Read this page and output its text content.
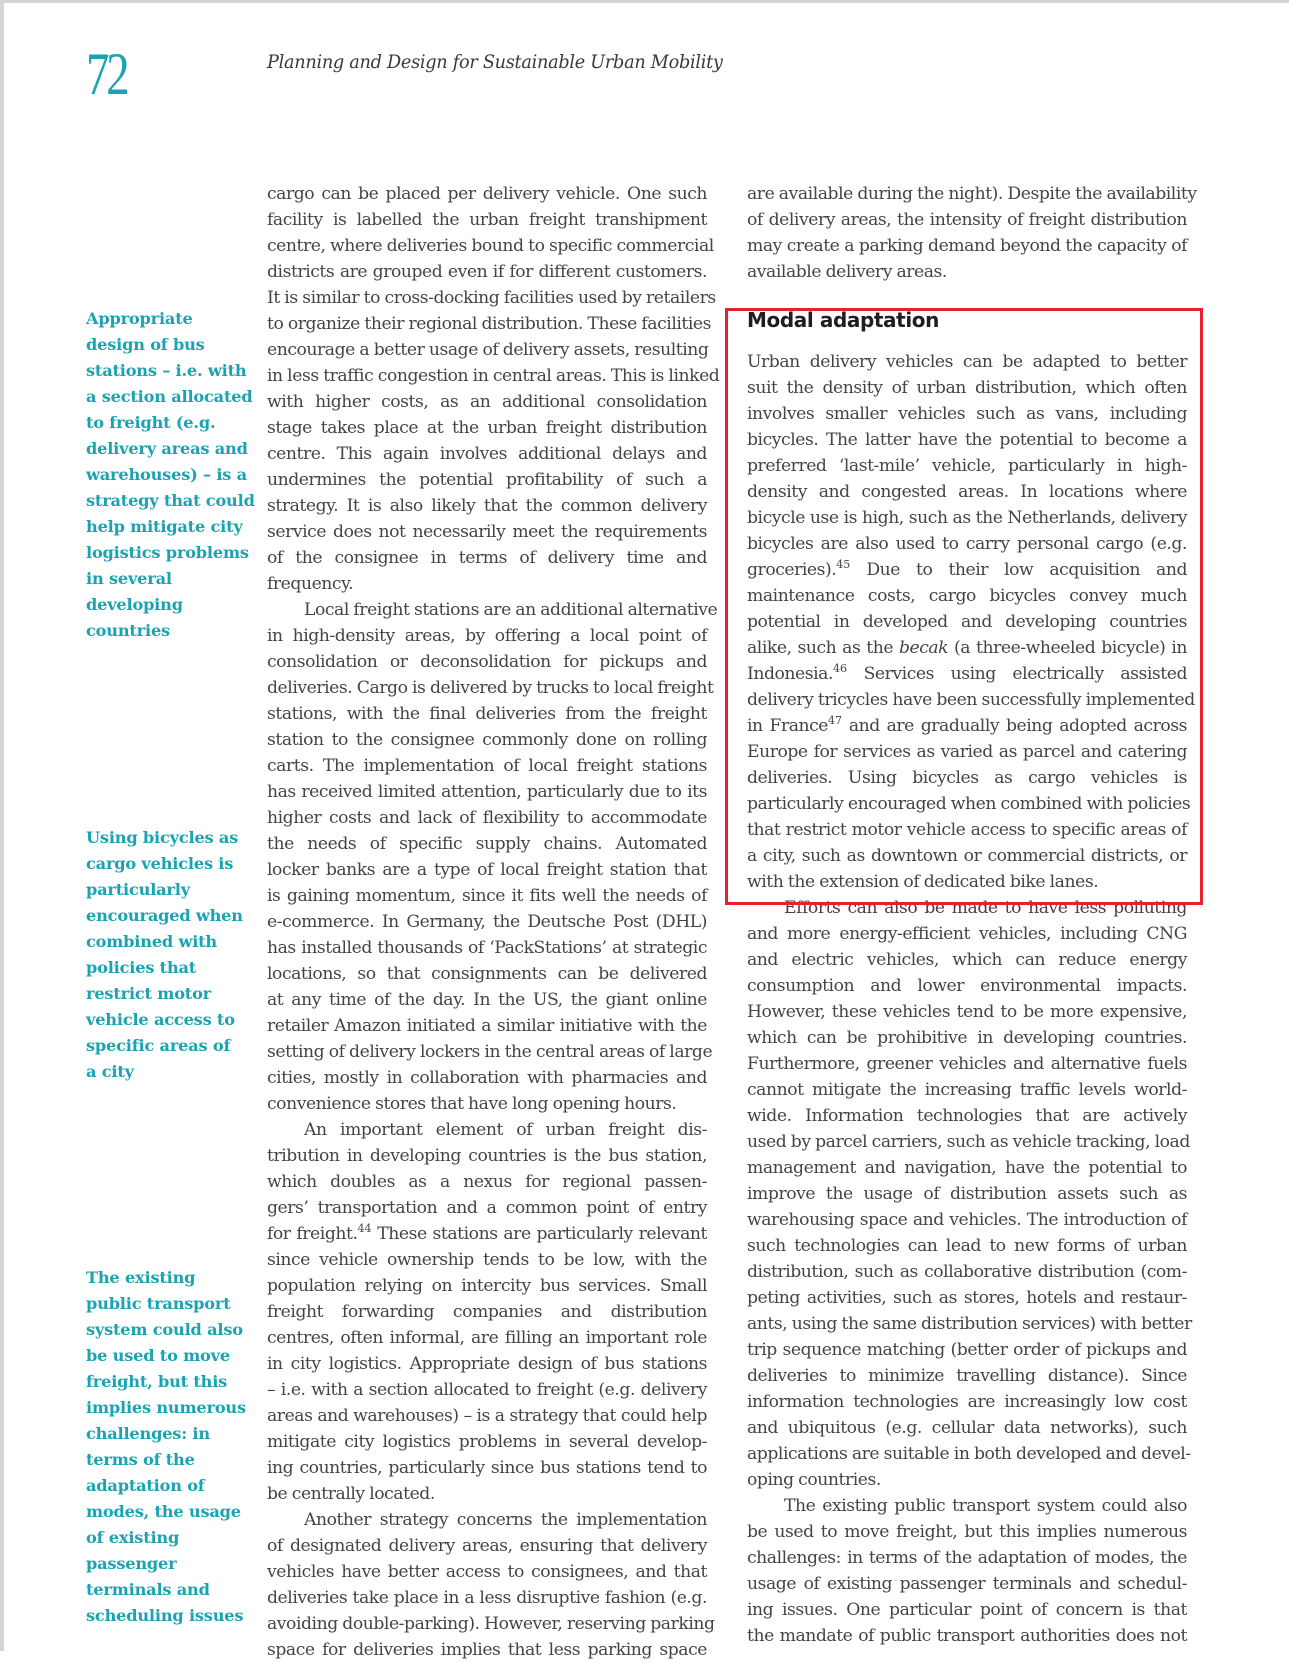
72	Planning and Design for Sustainable Urban Mobility
Appropriate
design of bus
stations – i.e. with
a section allocated
to freight (e.g.
delivery areas and
warehouses) – is a
strategy that could
help mitigate city
logistics problems
in several
developing
countries
Using bicycles as
cargo vehicles is
particularly
encouraged when
combined with
policies that
restrict motor
vehicle access to
specific areas of
a city
The existing
public transport
system could also
be used to move
freight, but this
implies numerous
challenges: in
terms of the
adaptation of
modes, the usage
of existing
passenger
terminals and
scheduling issues
cargo can be placed per delivery vehicle. One such
facility is labelled the urban freight transhipment
centre, where deliveries bound to specific commercial
districts are grouped even if for different customers.
It is similar to cross-docking facilities used by retailers
to organize their regional distribution. These facilities
encourage a better usage of delivery assets, resulting
in less traffic congestion in central areas. This is linked
with higher costs, as an additional consolidation
stage takes place at the urban freight distribution
centre. This again involves additional delays and
undermines the potential profitability of such a
strategy. It is also likely that the common delivery
service does not necessarily meet the requirements
of the consignee in terms of delivery time and
frequency.
Local freight stations are an additional alternative
in high-density areas, by offering a local point of
consolidation or deconsolidation for pickups and
deliveries. Cargo is delivered by trucks to local freight
stations, with the final deliveries from the freight
station to the consignee commonly done on rolling
carts. The implementation of local freight stations
has received limited attention, particularly due to its
higher costs and lack of flexibility to accommodate
the needs of specific supply chains. Automated
locker banks are a type of local freight station that
is gaining momentum, since it fits well the needs of
e-commerce. In Germany, the Deutsche Post (DHL)
has installed thousands of ‘PackStations’ at strategic
locations, so that consignments can be delivered
at any time of the day. In the US, the giant online
retailer Amazon initiated a similar initiative with the
setting of delivery lockers in the central areas of large
cities, mostly in collaboration with pharmacies and
convenience stores that have long opening hours.
An important element of urban freight dis-
tribution in developing countries is the bus station,
which doubles as a nexus for regional passen-
gers’ transportation and a common point of entry
for freight.$^{44}$ These stations are particularly relevant
since vehicle ownership tends to be low, with the
population relying on intercity bus services. Small
freight forwarding companies and distribution
centres, often informal, are filling an important role
in city logistics. Appropriate design of bus stations
– i.e. with a section allocated to freight (e.g. delivery
areas and warehouses) – is a strategy that could help
mitigate city logistics problems in several develop-
ing countries, particularly since bus stations tend to
be centrally located.
Another strategy concerns the implementation
of designated delivery areas, ensuring that delivery
vehicles have better access to consignees, and that
deliveries take place in a less disruptive fashion (e.g.
avoiding double-parking). However, reserving parking
space for deliveries implies that less parking space
are available during the night). Despite the availability
of delivery areas, the intensity of freight distribution
may create a parking demand beyond the capacity of
available delivery areas.
Modal adaptation
Urban delivery vehicles can be adapted to better
suit the density of urban distribution, which often
involves smaller vehicles such as vans, including
bicycles. The latter have the potential to become a
preferred ‘last-mile’ vehicle, particularly in high-
density and congested areas. In locations where
bicycle use is high, such as the Netherlands, delivery
bicycles are also used to carry personal cargo (e.g.
groceries).$^{45}$ Due to their low acquisition and
maintenance costs, cargo bicycles convey much
potential in developed and developing countries
alike, such as the becak (a three-wheeled bicycle) in
Indonesia.$^{46}$ Services using electrically assisted
delivery tricycles have been successfully implemented
in France$^{47}$ and are gradually being adopted across
Europe for services as varied as parcel and catering
deliveries. Using bicycles as cargo vehicles is
particularly encouraged when combined with policies
that restrict motor vehicle access to specific areas of
a city, such as downtown or commercial districts, or
with the extension of dedicated bike lanes.
Efforts can also be made to have less polluting
and more energy-efficient vehicles, including CNG
and electric vehicles, which can reduce energy
consumption and lower environmental impacts.
However, these vehicles tend to be more expensive,
which can be prohibitive in developing countries.
Furthermore, greener vehicles and alternative fuels
cannot mitigate the increasing traffic levels world-
wide. Information technologies that are actively
used by parcel carriers, such as vehicle tracking, load
management and navigation, have the potential to
improve the usage of distribution assets such as
warehousing space and vehicles. The introduction of
such technologies can lead to new forms of urban
distribution, such as collaborative distribution (com-
peting activities, such as stores, hotels and restaur-
ants, using the same distribution services) with better
trip sequence matching (better order of pickups and
deliveries to minimize travelling distance). Since
information technologies are increasingly low cost
and ubiquitous (e.g. cellular data networks), such
applications are suitable in both developed and devel-
oping countries.
The existing public transport system could also
be used to move freight, but this implies numerous
challenges: in terms of the adaptation of modes, the
usage of existing passenger terminals and schedul-
ing issues. One particular point of concern is that
the mandate of public transport authorities does not
